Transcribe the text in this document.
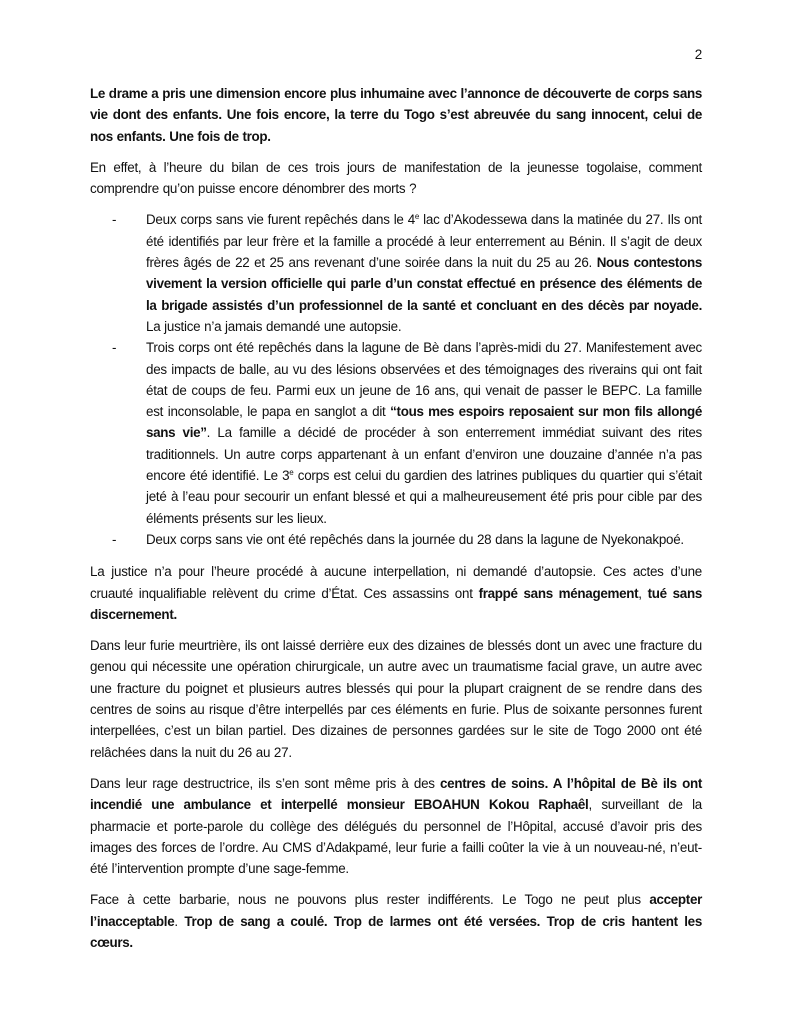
2

Le drame a pris une dimension encore plus inhumaine avec l’annonce de découverte de corps sans vie dont des enfants. Une fois encore, la terre du Togo s’est abreuvée du sang innocent, celui de nos enfants. Une fois de trop.

En effet, à l’heure du bilan de ces trois jours de manifestation de la jeunesse togolaise, comment comprendre qu’on puisse encore dénombrer des morts ?

- Deux corps sans vie furent repêchés dans le 4e lac d’Akodessewa dans la matinée du 27. Ils ont été identifiés par leur frère et la famille a procédé à leur enterrement au Bénin. Il s’agit de deux frères âgés de 22 et 25 ans revenant d’une soirée dans la nuit du 25 au 26. Nous contestons vivement la version officielle qui parle d’un constat effectué en présence des éléments de la brigade assistés d’un professionnel de la santé et concluant en des décès par noyade. La justice n’a jamais demandé une autopsie.
- Trois corps ont été repêchés dans la lagune de Bè dans l’après-midi du 27. Manifestement avec des impacts de balle, au vu des lésions observées et des témoignages des riverains qui ont fait état de coups de feu. Parmi eux un jeune de 16 ans, qui venait de passer le BEPC. La famille est inconsolable, le papa en sanglot a dit “tous mes espoirs reposaient sur mon fils allongé sans vie”. La famille a décidé de procéder à son enterrement immédiat suivant des rites traditionnels. Un autre corps appartenant à un enfant d’environ une douzaine d’année n’a pas encore été identifié. Le 3e corps est celui du gardien des latrines publiques du quartier qui s’était jeté à l’eau pour secourir un enfant blessé et qui a malheureusement été pris pour cible par des éléments présents sur les lieux.
- Deux corps sans vie ont été repêchés dans la journée du 28 dans la lagune de Nyekonakpoé.

La justice n’a pour l’heure procédé à aucune interpellation, ni demandé d’autopsie. Ces actes d’une cruauté inqualifiable relèvent du crime d’État. Ces assassins ont frappé sans ménagement, tué sans discernement.

Dans leur furie meurtrière, ils ont laissé derrière eux des dizaines de blessés dont un avec une fracture du genou qui nécessite une opération chirurgicale, un autre avec un traumatisme facial grave, un autre avec une fracture du poignet et plusieurs autres blessés qui pour la plupart craignent de se rendre dans des centres de soins au risque d’être interpellés par ces éléments en furie. Plus de soixante personnes furent interpellées, c’est un bilan partiel. Des dizaines de personnes gardées sur le site de Togo 2000 ont été relâchées dans la nuit du 26 au 27.

Dans leur rage destructrice, ils s’en sont même pris à des centres de soins. A l’hôpital de Bè ils ont incendié une ambulance et interpellé monsieur EBOAHUN Kokou Raphaêl, surveillant de la pharmacie et porte-parole du collège des délégués du personnel de l’Hôpital, accusé d’avoir pris des images des forces de l’ordre. Au CMS d’Adakpamé, leur furie a failli coûter la vie à un nouveau-né, n’eut-été l’intervention prompte d’une sage-femme.

Face à cette barbarie, nous ne pouvons plus rester indifférents. Le Togo ne peut plus accepter l’inacceptable. Trop de sang a coulé. Trop de larmes ont été versées. Trop de cris hantent les cœurs.
